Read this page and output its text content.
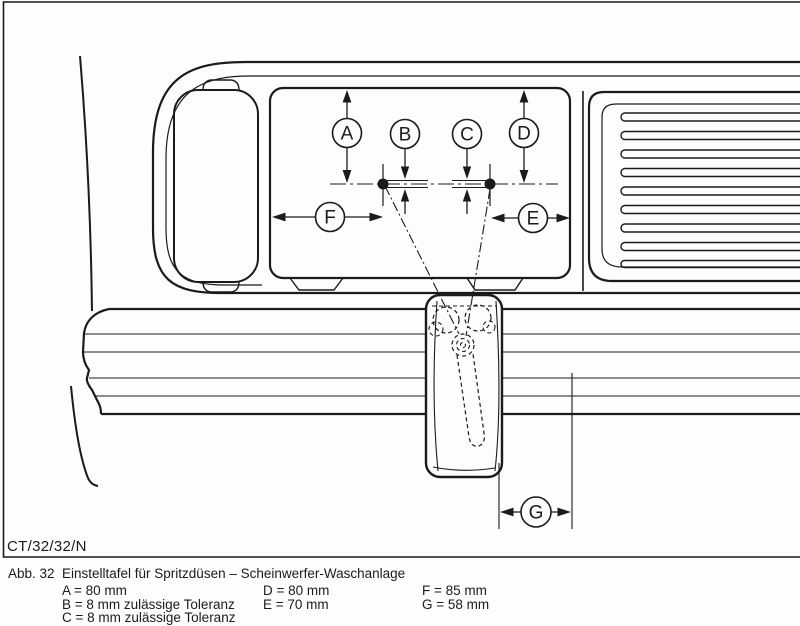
A B	C D
F	E
G
CT/32/32/N
Abb. 32 Einstelltafel für Spritzdüsen – Scheinwerfer-Waschanlage
A = 80 mm
B = 8 mm zulässige Toleranz
C = 8 mm zulässige Toleranz
D = 80 mm
E = 70 mm
F = 85 mm
G = 58 mm
